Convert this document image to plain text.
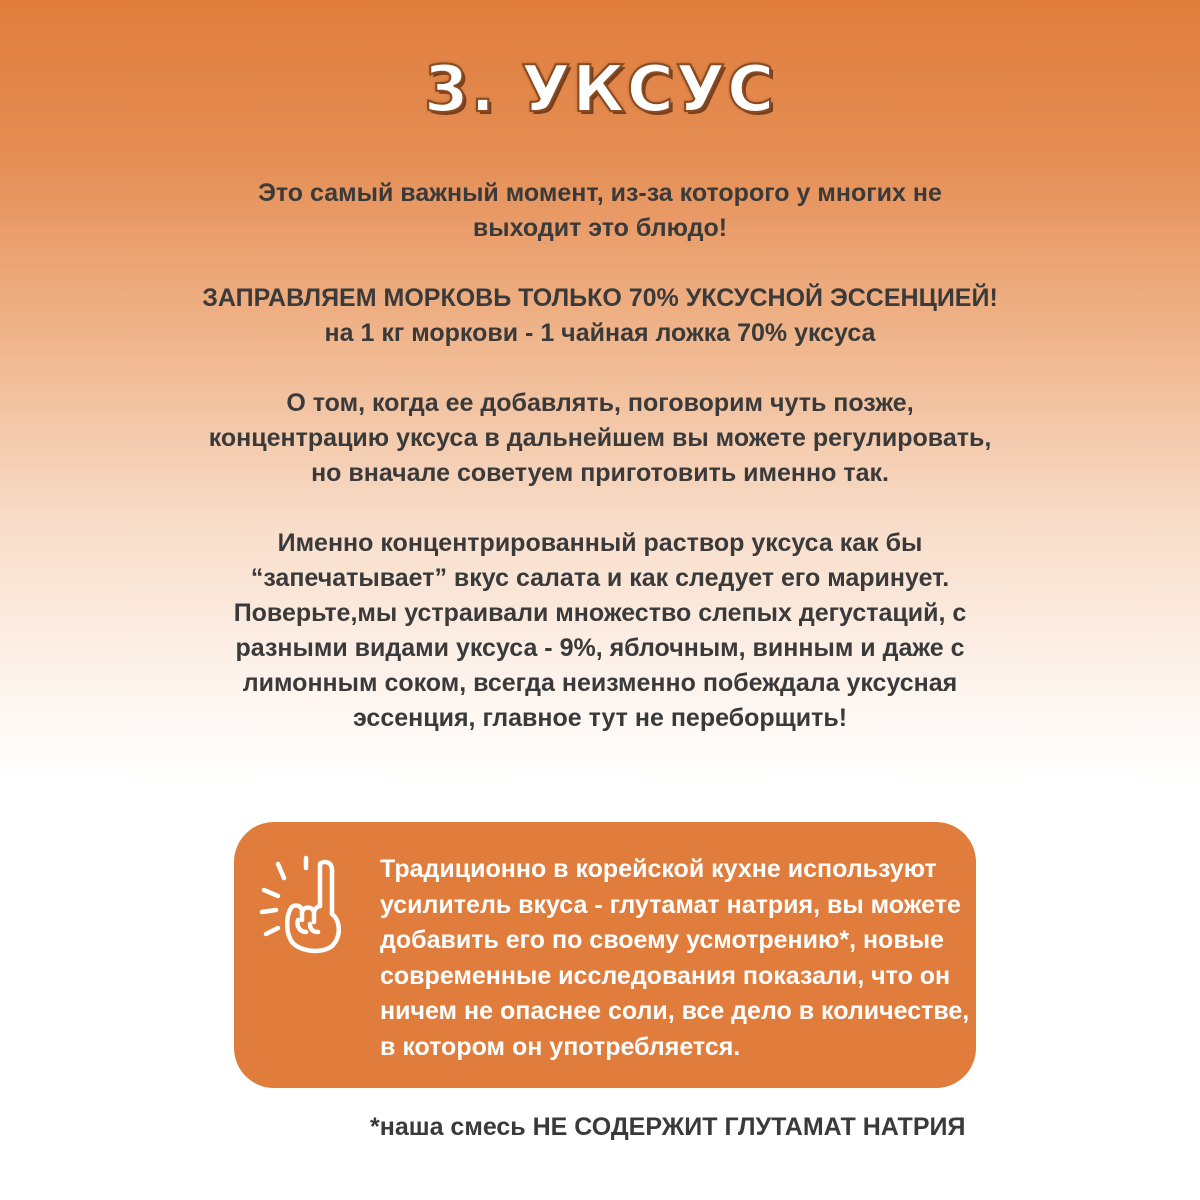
3. УКСУС

Это самый важный момент, из-за которого у многих не
выходит это блюдо!

ЗАПРАВЛЯЕМ МОРКОВЬ ТОЛЬКО 70% УКСУСНОЙ ЭССЕНЦИЕЙ!
на 1 кг моркови - 1 чайная ложка 70% уксуса

О том, когда ее добавлять, поговорим чуть позже,
концентрацию уксуса в дальнейшем вы можете регулировать,
но вначале советуем приготовить именно так.

Именно концентрированный раствор уксуса как бы
“запечатывает” вкус салата и как следует его маринует.
Поверьте,мы устраивали множество слепых дегустаций, с
разными видами уксуса - 9%, яблочным, винным и даже с
лимонным соком, всегда неизменно побеждала уксусная
эссенция, главное тут не переборщить!

Традиционно в корейской кухне используют
усилитель вкуса - глутамат натрия, вы можете
добавить его по своему усмотрению*, новые
современные исследования показали, что он
ничем не опаснее соли, все дело в количестве,
в котором он употребляется.
*наша смесь НЕ СОДЕРЖИТ ГЛУТАМАТ НАТРИЯ
